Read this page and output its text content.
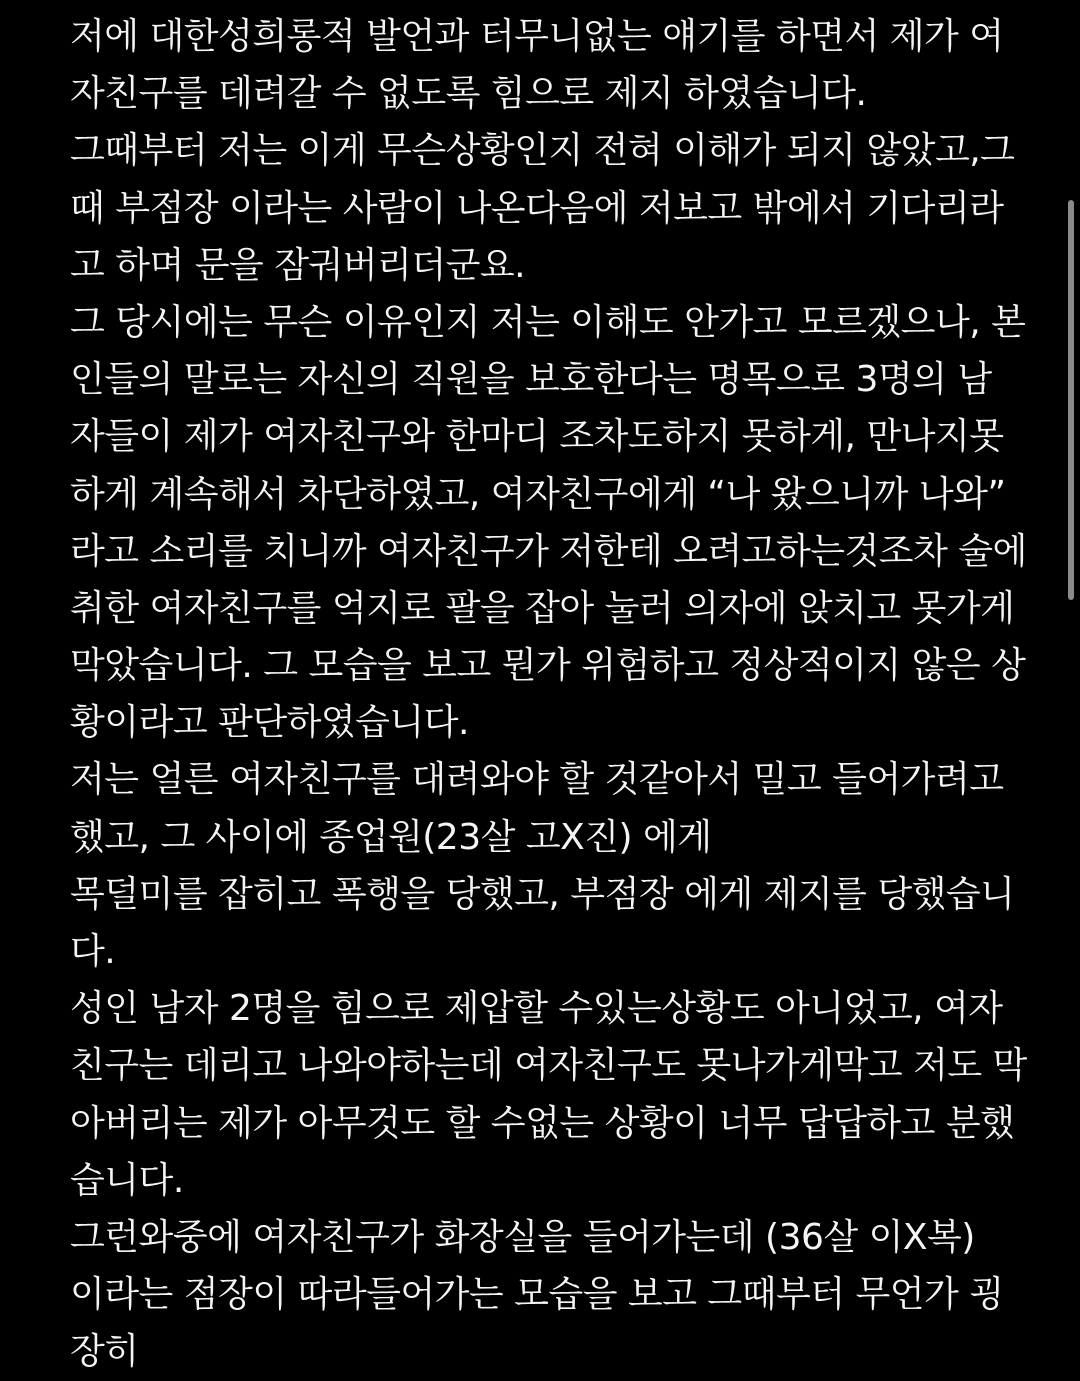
저에 대한성희롱적 발언과 터무니없는 얘기를 하면서 제가 여
자친구를 데려갈 수 없도록 힘으로 제지 하였습니다.
그때부터 저는 이게 무슨상황인지 전혀 이해가 되지 않았고,그
때 부점장 이라는 사람이 나온다음에 저보고 밖에서 기다리라
고 하며 문을 잠궈버리더군요.
그 당시에는 무슨 이유인지 저는 이해도 안가고 모르겠으나, 본
인들의 말로는 자신의 직원을 보호한다는 명목으로 3명의 남
자들이 제가 여자친구와 한마디 조차도하지 못하게, 만나지못
하게 계속해서 차단하였고, 여자친구에게 “나 왔으니까 나와”
라고 소리를 치니까 여자친구가 저한테 오려고하는것조차 술에
취한 여자친구를 억지로 팔을 잡아 눌러 의자에 앉치고 못가게
막았습니다. 그 모습을 보고 뭔가 위험하고 정상적이지 않은 상
황이라고 판단하였습니다.
저는 얼른 여자친구를 대려와야 할 것같아서 밀고 들어가려고
했고, 그 사이에 종업원(23살 고X진) 에게
목덜미를 잡히고 폭행을 당했고, 부점장 에게 제지를 당했습니
다.
성인 남자 2명을 힘으로 제압할 수있는상황도 아니었고, 여자
친구는 데리고 나와야하는데 여자친구도 못나가게막고 저도 막
아버리는 제가 아무것도 할 수없는 상황이 너무 답답하고 분했
습니다.
그런와중에 여자친구가 화장실을 들어가는데 (36살 이X복)
이라는 점장이 따라들어가는 모습을 보고 그때부터 무언가 굉
장히
